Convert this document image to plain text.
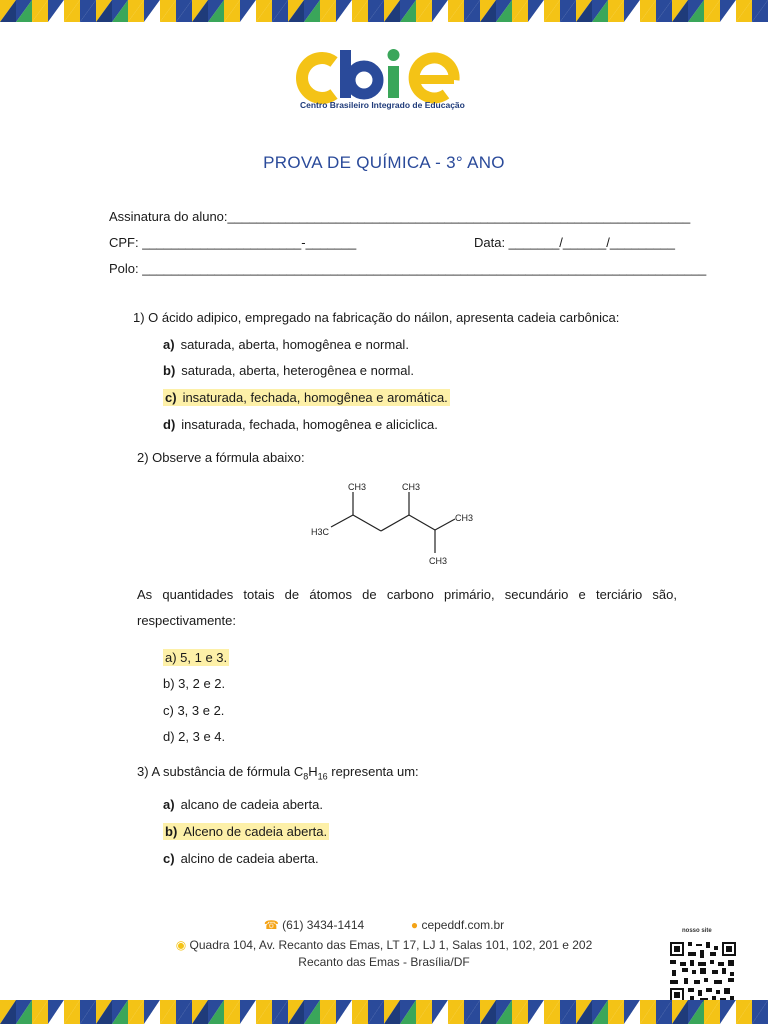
Centro Brasileiro Integrado de Educação
PROVA DE QUÍMICA - 3° ANO
Assinatura do aluno:________________________________________________________________
CPF: ______________________-_______	Data: _______/______/_________
Polo: ______________________________________________________________________________
1) O ácido adipico, empregado na fabricação do náilon, apresenta cadeia carbônica:
a) saturada, aberta, homogênea e normal.
b) saturada, aberta, heterogênea e normal.
c) insaturada, fechada, homogênea e aromática.
d) insaturada, fechada, homogênea e aliciclica.
2) Observe a fórmula abaixo:
CH3	CH3
CH3
H3C
CH3
As quantidades totais de átomos de carbono primário, secundário e terciário são, respectivamente:
a) 5, 1 e 3.
b) 3, 2 e 2.
c) 3, 3 e 2.
d) 2, 3 e 4.
3) A substância de fórmula $C_8H_{16}$ representa um:
a) alcano de cadeia aberta.
b) Alceno de cadeia aberta.
c) alcino de cadeia aberta.
☎ (61) 3434-1414	● cepeddf.com.br
◉ Quadra 104, Av. Recanto das Emas, LT 17, LJ 1, Salas 101, 102, 201 e 202
Recanto das Emas - Brasília/DF
nosso site
